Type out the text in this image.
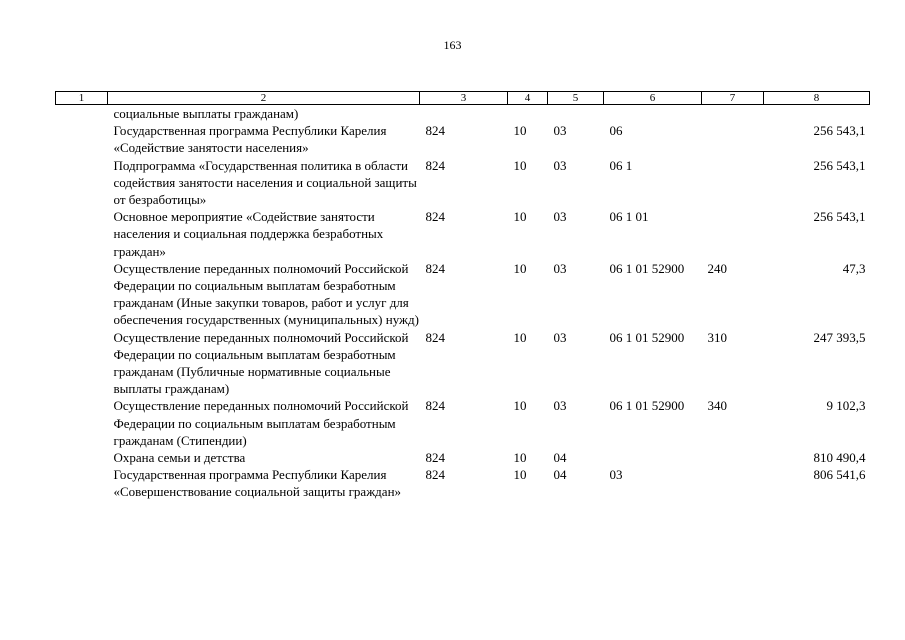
163
1	2	3	4	5	6	7	8
	социальные выплаты гражданам)						
	Государственная программа Республики Карелия «Содействие занятости населения»	824	10	03	06		256 543,1
	Подпрограмма «Государственная политика в области содействия занятости населения и социальной защиты от безработицы»	824	10	03	06 1		256 543,1
	Основное мероприятие «Содействие занятости населения и социальная поддержка безработных граждан»	824	10	03	06 1 01		256 543,1
	Осуществление переданных полномочий Российской Федерации по социальным выплатам безработным гражданам (Иные закупки товаров, работ и услуг для обеспечения государственных (муниципальных) нужд)	824	10	03	06 1 01 52900	240	47,3
	Осуществление переданных полномочий Российской Федерации по социальным выплатам безработным гражданам (Публичные нормативные социальные выплаты гражданам)	824	10	03	06 1 01 52900	310	247 393,5
	Осуществление переданных полномочий Российской Федерации по социальным выплатам безработным гражданам (Стипендии)	824	10	03	06 1 01 52900	340	9 102,3
	Охрана семьи и детства	824	10	04			810 490,4
	Государственная программа Республики Карелия «Совершенствование социальной защиты граждан»	824	10	04	03		806 541,6
